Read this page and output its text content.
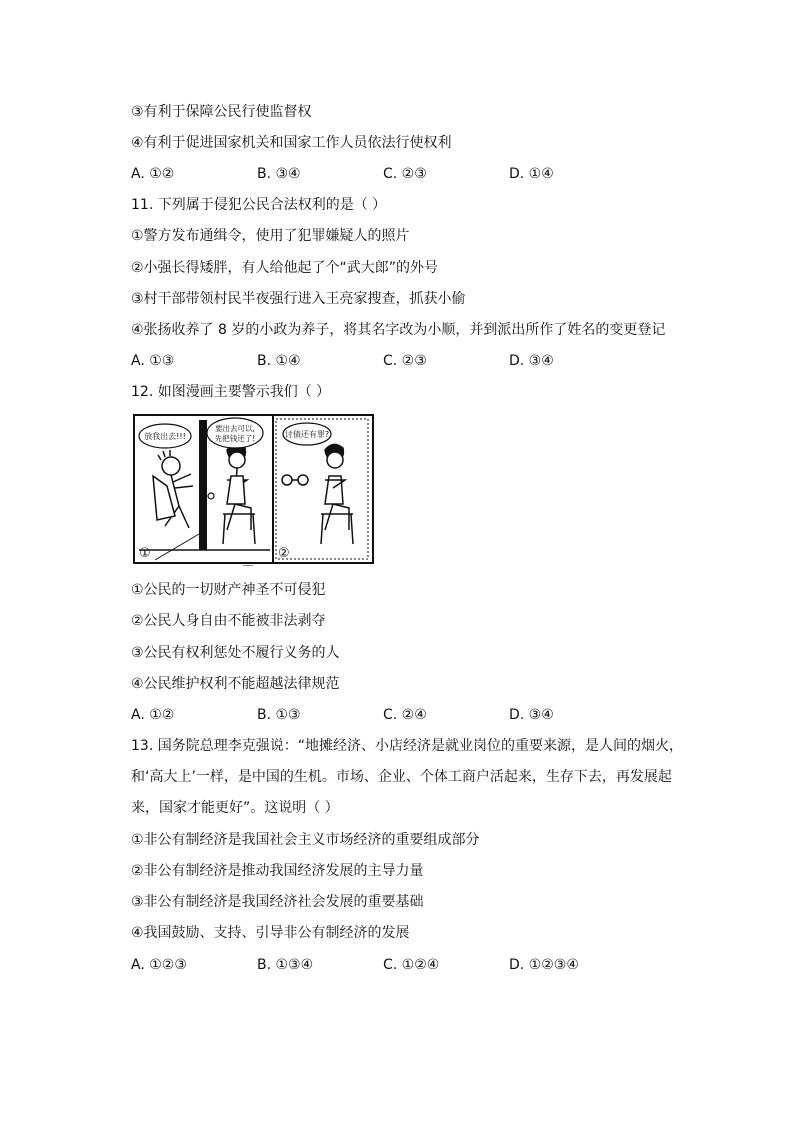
③有利于保障公民行使监督权
④有利于促进国家机关和国家工作人员依法行使权利
A. ①②	B. ③④	C. ②③	D. ①④
11. 下列属于侵犯公民合法权利的是（ ）
①警方发布通缉令，使用了犯罪嫌疑人的照片
②小强长得矮胖，有人给他起了个“武大郎”的外号
③村干部带领村民半夜强行进入王亮家搜查，抓获小偷
④张扬收养了 8 岁的小政为养子，将其名字改为小顺，并到派出所作了姓名的变更登记
A. ①③	B. ①④	C. ②③	D. ③④
12. 如图漫画主要警示我们（ ）
放我出去!!!
要出去可以,
先把钱还了!	讨债还有罪?
①	②
①公民的一切财产神圣不可侵犯
②公民人身自由不能被非法剥夺
③公民有权利惩处不履行义务的人
④公民维护权利不能超越法律规范
A. ①②	B. ①③	C. ②④	D. ③④
13. 国务院总理李克强说：“地摊经济、小店经济是就业岗位的重要来源，是人间的烟火，
和‘高大上’一样，是中国的生机。市场、企业、个体工商户活起来，生存下去，再发展起
来，国家才能更好”。这说明（ ）
①非公有制经济是我国社会主义市场经济的重要组成部分
②非公有制经济是推动我国经济发展的主导力量
③非公有制经济是我国经济社会发展的重要基础
④我国鼓励、支持、引导非公有制经济的发展
A. ①②③	B. ①③④	C. ①②④	D. ①②③④
